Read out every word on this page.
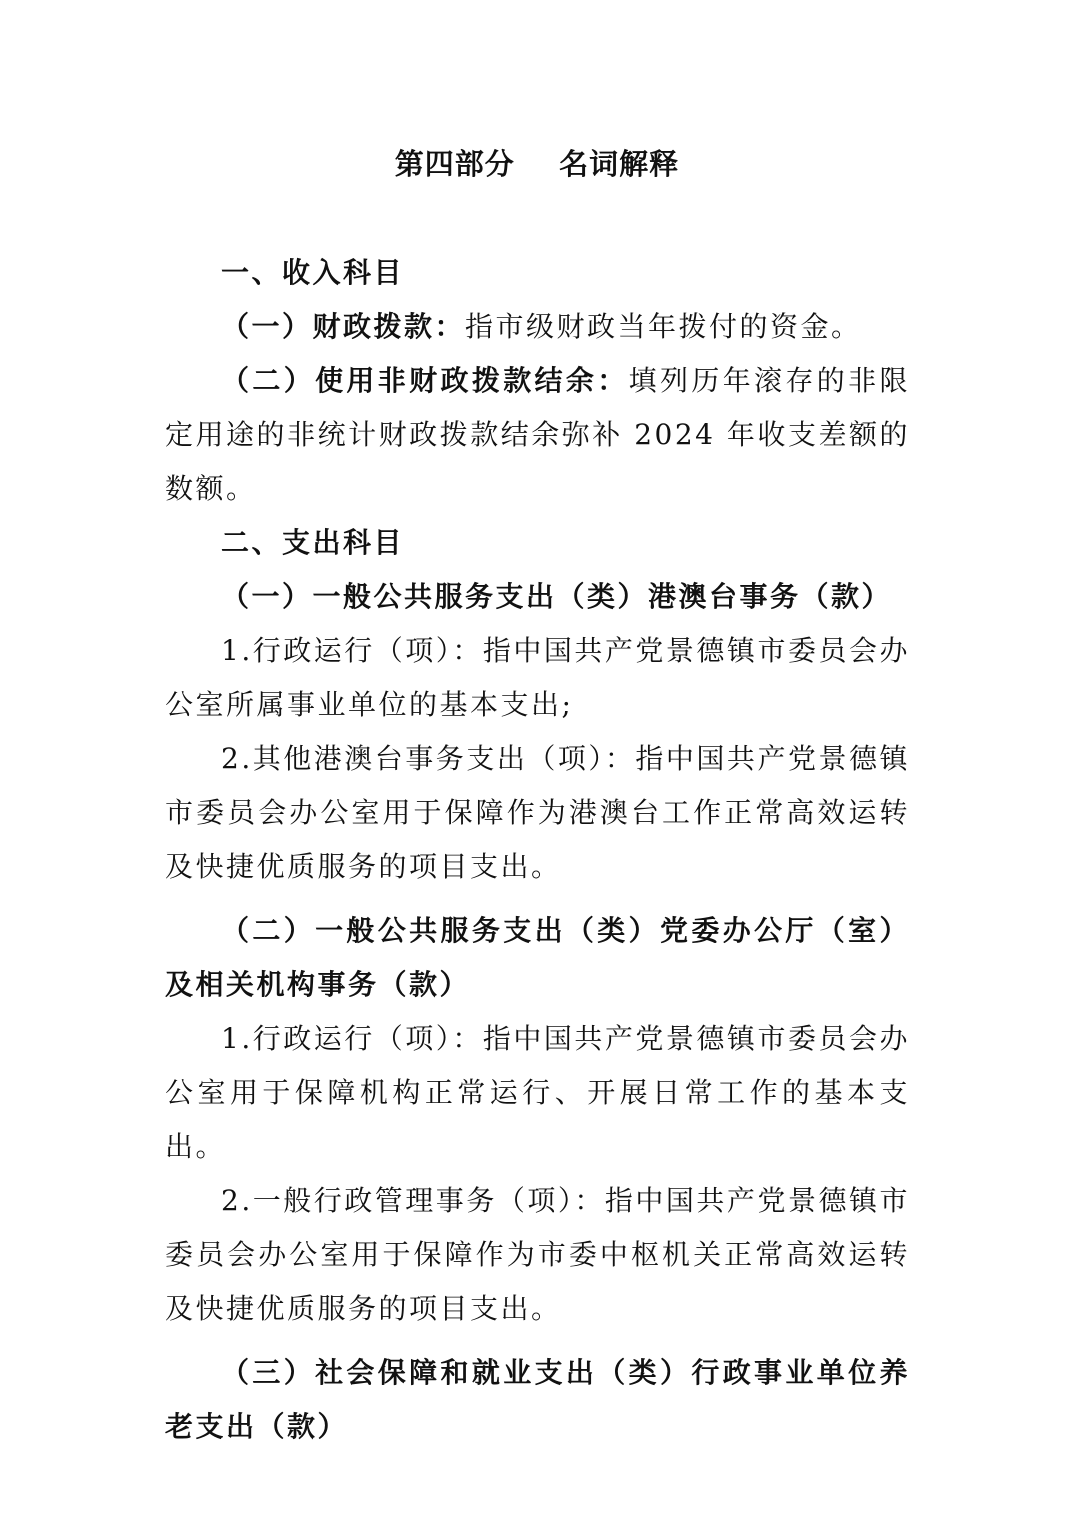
第四部分    名词解释

一、收入科目

（一）财政拨款：指市级财政当年拨付的资金。

（二）使用非财政拨款结余：填列历年滚存的非限定用途的非统计财政拨款结余弥补 2024 年收支差额的数额。

二、支出科目

（一）一般公共服务支出（类）港澳台事务（款）

1.行政运行（项）：指中国共产党景德镇市委员会办公室所属事业单位的基本支出;

2.其他港澳台事务支出（项）：指中国共产党景德镇市委员会办公室用于保障作为港澳台工作正常高效运转及快捷优质服务的项目支出。

（二）一般公共服务支出（类）党委办公厅（室）及相关机构事务（款）

1.行政运行（项）：指中国共产党景德镇市委员会办公室用于保障机构正常运行、开展日常工作的基本支出。

2.一般行政管理事务（项）：指中国共产党景德镇市委员会办公室用于保障作为市委中枢机关正常高效运转及快捷优质服务的项目支出。

（三）社会保障和就业支出（类）行政事业单位养老支出（款）
